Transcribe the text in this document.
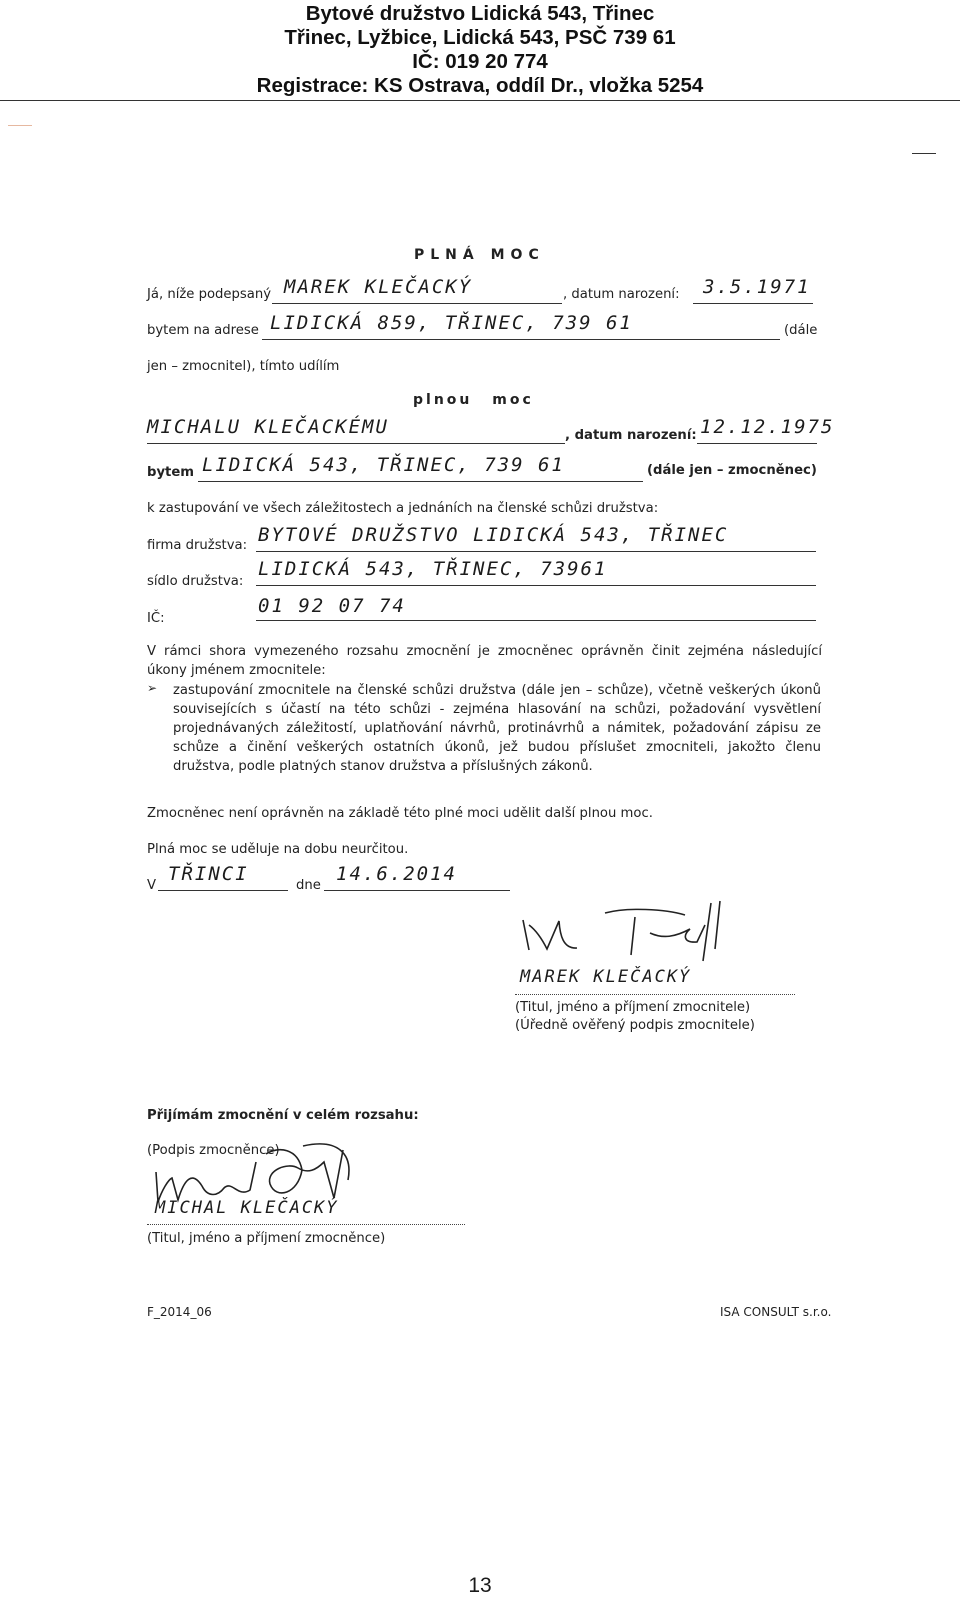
Bytové družstvo Lidická 543, Třinec
Třinec, Lyžbice, Lidická 543, PSČ 739 61
IČ: 019 20 774
Registrace: KS Ostrava, oddíl Dr., vložka 5254
PLNÁ MOC
Já, níže podepsaný MAREK KLEČACKÝ	, datum narození: 3.5.1971
bytem na adrese LIDICKÁ 859, TŘINEC, 739 61	(dále
jen – zmocnitel), tímto udílím
plnou moc
MICHALU KLEČACKÉMU	, datum narození: 12.12.1975
bytem LIDICKÁ 543, TŘINEC, 739 61	(dále jen – zmocněnec)
k zastupování ve všech záležitostech a jednáních na členské schůzi družstva:
firma družstva: BYTOVÉ DRUŽSTVO LIDICKÁ 543, TŘINEC
sídlo družstva:
LIDICKÁ 543, TŘINEC, 73961
IČ:
01 92 07 74
V rámci shora vymezeného rozsahu zmocnění je zmocněnec oprávněn činit zejména následující úkony jménem zmocnitele:
➢ zastupování zmocnitele na členské schůzi družstva (dále jen – schůze), včetně veškerých úkonů souvisejících s účastí na této schůzi - zejména hlasování na schůzi, požadování vysvětlení projednávaných záležitostí, uplatňování návrhů, protinávrhů a námitek, požadování zápisu ze schůze a činění veškerých ostatních úkonů, jež budou příslušet zmocniteli, jakožto členu družstva, podle platných stanov družstva a příslušných zákonů.
Zmocněnec není oprávněn na základě této plné moci udělit další plnou moc.
Plná moc se uděluje na dobu neurčitou.
V
TŘINCI
dne
14.6.2014
MAREK KLEČACKÝ
(Titul, jméno a příjmení zmocnitele)
(Úředně ověřený podpis zmocnitele)
Přijímám zmocnění v celém rozsahu:
(Podpis zmocněnce)
MICHAL KLEČACKÝ
(Titul, jméno a příjmení zmocněnce)
F_2014_06	ISA CONSULT s.r.o.
13
